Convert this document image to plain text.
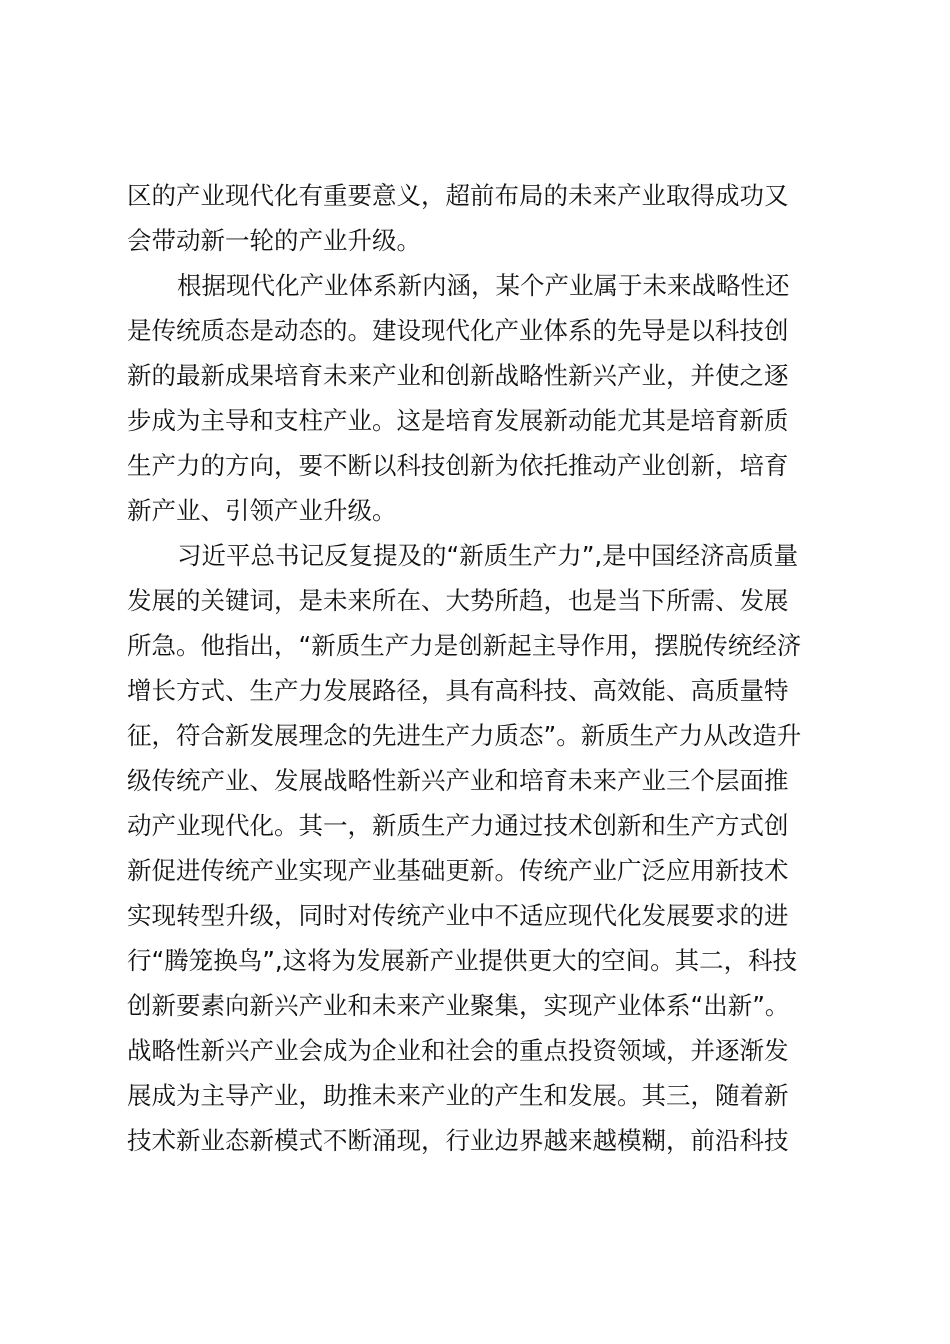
区的产业现代化有重要意义，超前布局的未来产业取得成功又
会带动新一轮的产业升级。

根据现代化产业体系新内涵，某个产业属于未来战略性还
是传统质态是动态的。建设现代化产业体系的先导是以科技创
新的最新成果培育未来产业和创新战略性新兴产业，并使之逐
步成为主导和支柱产业。这是培育发展新动能尤其是培育新质
生产力的方向，要不断以科技创新为依托推动产业创新，培育
新产业、引领产业升级。

习近平总书记反复提及的“新质生产力”,是中国经济高质量
发展的关键词，是未来所在、大势所趋，也是当下所需、发展
所急。他指出，“新质生产力是创新起主导作用，摆脱传统经济
增长方式、生产力发展路径，具有高科技、高效能、高质量特
征，符合新发展理念的先进生产力质态”。新质生产力从改造升
级传统产业、发展战略性新兴产业和培育未来产业三个层面推
动产业现代化。其一，新质生产力通过技术创新和生产方式创
新促进传统产业实现产业基础更新。传统产业广泛应用新技术
实现转型升级，同时对传统产业中不适应现代化发展要求的进
行“腾笼换鸟”,这将为发展新产业提供更大的空间。其二，科技
创新要素向新兴产业和未来产业聚集，实现产业体系“出新”。
战略性新兴产业会成为企业和社会的重点投资领域，并逐渐发
展成为主导产业，助推未来产业的产生和发展。其三，随着新
技术新业态新模式不断涌现，行业边界越来越模糊，前沿科技
